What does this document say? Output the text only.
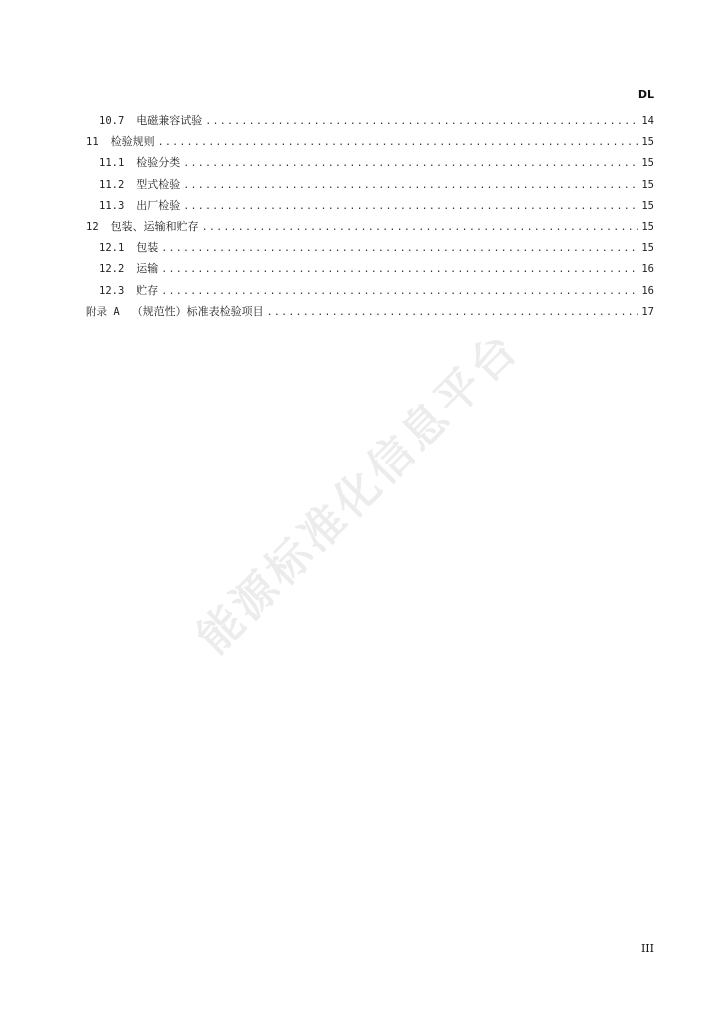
DL
10.7 电磁兼容试验 .....	14
11 检验规则 .....	15
11.1 检验分类 .....	15
11.2 型式检验 .....	15
11.3 出厂检验 .....	15
12 包装、运输和贮存 .....	15
12.1 包装 .....	15
12.2 运输 .....	16
12.3 贮存 .....	16
附录 A （规范性）标准表检验项目 .....	17
能源标准化信息平台
III
